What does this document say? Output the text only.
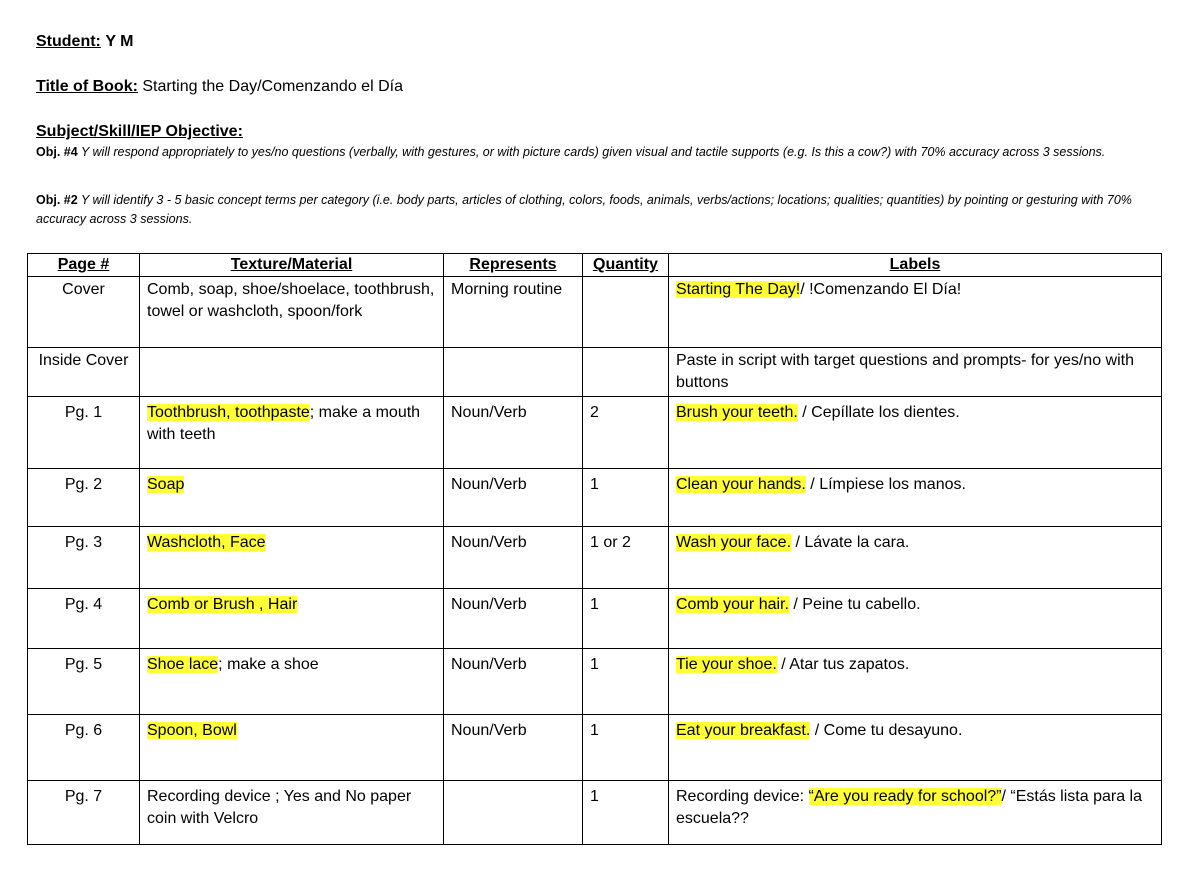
Student: Y M
Title of Book: Starting the Day/Comenzando el Día
Subject/Skill/IEP Objective:
Obj. #4 Y will respond appropriately to yes/no questions (verbally, with gestures, or with picture cards) given visual and tactile supports (e.g. Is this a cow?) with 70% accuracy across 3 sessions.
Obj. #2 Y will identify 3 - 5 basic concept terms per category (i.e. body parts, articles of clothing, colors, foods, animals, verbs/actions; locations; qualities; quantities) by pointing or gesturing with 70% accuracy across 3 sessions.
Page #	Texture/Material	Represents	Quantity	Labels
Cover	Comb, soap, shoe/shoelace, toothbrush, towel or washcloth, spoon/fork	Morning routine		Starting The Day!/ !Comenzando El Día!
Inside Cover				Paste in script with target questions and prompts- for yes/no with buttons
Pg. 1	Toothbrush, toothpaste; make a mouth with teeth	Noun/Verb	2	Brush your teeth. / Cepíllate los dientes.
Pg. 2	Soap	Noun/Verb	1	Clean your hands. / Límpiese los manos.
Pg. 3	Washcloth, Face	Noun/Verb	1 or 2	Wash your face. / Lávate la cara.
Pg. 4	Comb or Brush , Hair	Noun/Verb	1	Comb your hair. / Peine tu cabello.
Pg. 5	Shoe lace; make a shoe	Noun/Verb	1	Tie your shoe. / Atar tus zapatos.
Pg. 6	Spoon, Bowl	Noun/Verb	1	Eat your breakfast. / Come tu desayuno.
Pg. 7	Recording device ; Yes and No paper coin with Velcro		1	Recording device: “Are you ready for school?”/ “Estás lista para la escuela??
